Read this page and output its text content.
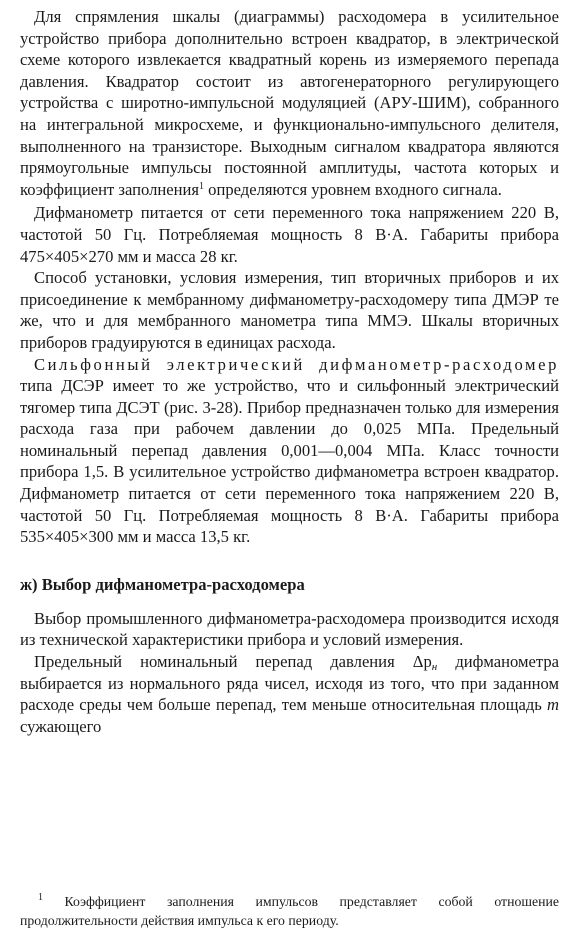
Для спрямления шкалы (диаграммы) расходомера в усилительное устройство прибора дополнительно встроен квадратор, в электрической схеме которого извлекается квадратный корень из измеряемого перепада давления. Квадратор состоит из автогенераторного регулирующего устройства с широтно-импульсной модуляцией (АРУ-ШИМ), собранного на интегральной микросхеме, и функционально-импульсного делителя, выполненного на транзисторе. Выходным сигналом квадратора являются прямоугольные импульсы постоянной амплитуды, частота которых и коэффициент заполнения$^1$ определяются уровнем входного сигнала.

Дифманометр питается от сети переменного тока напряжением 220 В, частотой 50 Гц. Потребляемая мощность 8 В·А. Габариты прибора 475×405×270 мм и масса 28 кг.

Способ установки, условия измерения, тип вторичных приборов и их присоединение к мембранному дифманометру-расходомеру типа ДМЭР те же, что и для мембранного манометра типа ММЭ. Шкалы вторичных приборов градуируются в единицах расхода.

Сильфонный электрический дифманометр-расходомер типа ДСЭР имеет то же устройство, что и сильфонный электрический тягомер типа ДСЭТ (рис. 3-28). Прибор предназначен только для измерения расхода газа при рабочем давлении до 0,025 МПа. Предельный номинальный перепад давления 0,001—0,004 МПа. Класс точности прибора 1,5. В усилительное устройство дифманометра встроен квадратор. Дифманометр питается от сети переменного тока напряжением 220 В, частотой 50 Гц. Потребляемая мощность 8 В·А. Габариты прибора 535×405×300 мм и масса 13,5 кг.

ж) Выбор дифманометра-расходомера

Выбор промышленного дифманометра-расходомера производится исходя из технической характеристики прибора и условий измерения.

Предельный номинальный перепад давления $\Delta p_н$ дифманометра выбирается из нормального ряда чисел, исходя из того, что при заданном расходе среды чем больше перепад, тем меньше относительная площадь m сужающего

$^1$ Коэффициент заполнения импульсов представляет собой отношение продолжительности действия импульса к его периоду.
